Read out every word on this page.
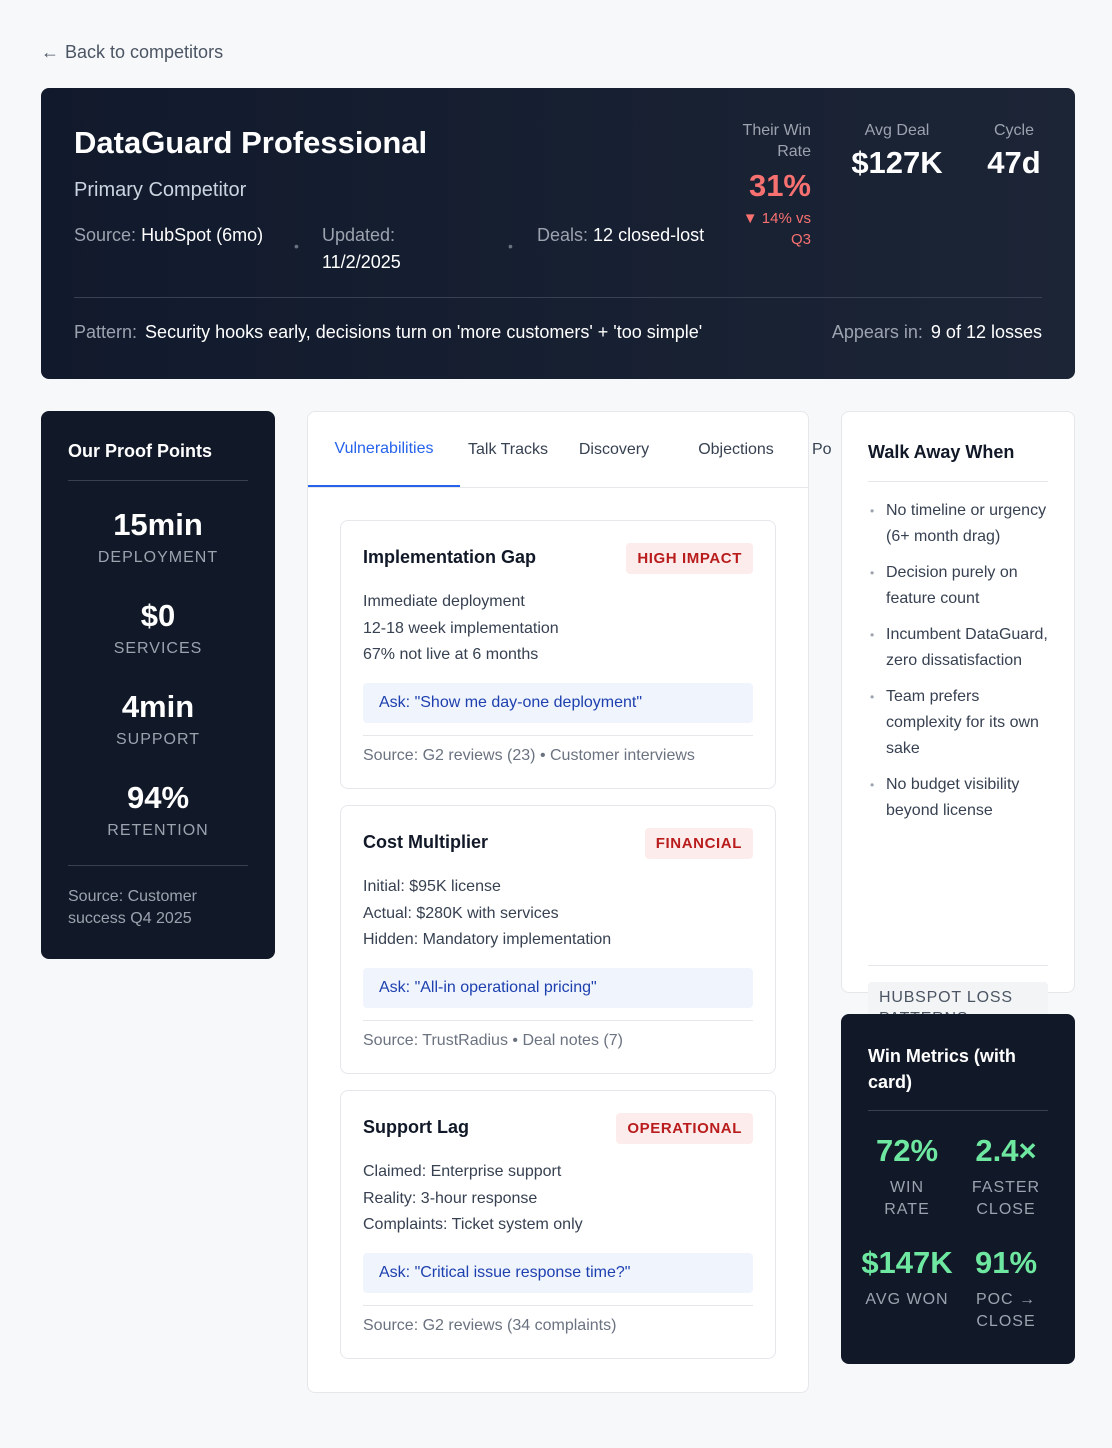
← Back to competitors
DataGuard Professional
Primary Competitor
Source: HubSpot (6mo)
•
Updated: 11/2/2025
•
Deals: 12 closed-lost
Their Win Rate
31%
▼ 14% vs Q3
Avg Deal
$127K
Cycle
47d
Pattern: Security hooks early, decisions turn on 'more customers' + 'too simple'	Appears in: 9 of 12 losses
Our Proof Points
15min
DEPLOYMENT
$0
SERVICES
4min
SUPPORT
94%
RETENTION
Source: Customer success Q4 2025
Vulnerabilities	Talk Tracks	Discovery	Objections	Po
Implementation Gap	HIGH IMPACT
Immediate deployment
12-18 week implementation
67% not live at 6 months
Ask: "Show me day-one deployment"
Source: G2 reviews (23) • Customer interviews
Cost Multiplier	FINANCIAL
Initial: $95K license
Actual: $280K with services
Hidden: Mandatory implementation
Ask: "All-in operational pricing"
Source: TrustRadius • Deal notes (7)
Support Lag	OPERATIONAL
Claimed: Enterprise support
Reality: 3-hour response
Complaints: Ticket system only
Ask: "Critical issue response time?"
Source: G2 reviews (34 complaints)
Walk Away When
• No timeline or urgency (6+ month drag)
• Decision purely on feature count
• Incumbent DataGuard, zero dissatisfaction
• Team prefers complexity for its own sake
• No budget visibility beyond license
HUBSPOT LOSS
Win Metrics (with card)
72%
WIN RATE
2.4×
FASTER CLOSE
$147K
AVG WON
91%
POC → CLOSE
